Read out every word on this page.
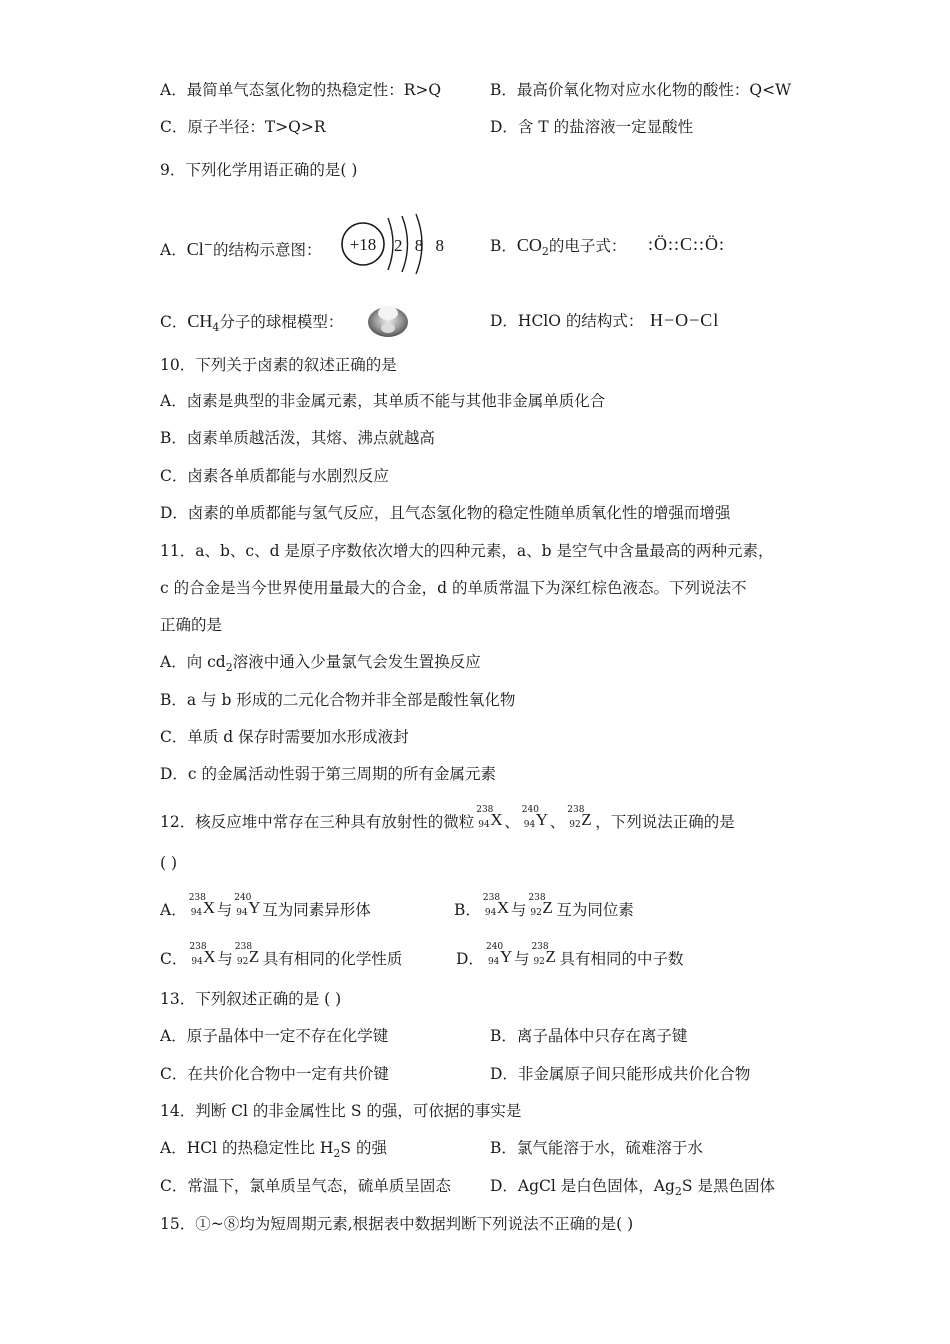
A．最简单气态氢化物的热稳定性：R>Q	B．最高价氧化物对应水化物的酸性：Q<W
C．原子半径：T>Q>R	D．含 T 的盐溶液一定显酸性
9．下列化学用语正确的是( )
A．Cl−的结构示意图： +18 2 8 8	B．$CO_2$的电子式： :Ö::C::Ö:
C．$CH_4$分子的球棍模型：	D．HClO 的结构式： H−O−Cl
10．下列关于卤素的叙述正确的是
A．卤素是典型的非金属元素，其单质不能与其他非金属单质化合
B．卤素单质越活泼，其熔、沸点就越高
C．卤素各单质都能与水剧烈反应
D．卤素的单质都能与氢气反应，且气态氢化物的稳定性随单质氧化性的增强而增强
11．a、b、c、d 是原子序数依次增大的四种元素，a、b 是空气中含量最高的两种元素，
c 的合金是当今世界使用量最大的合金，d 的单质常温下为深红棕色液态。下列说法不
正确的是
A．向 $cd_2$溶液中通入少量氯气会发生置换反应
B．a 与 b 形成的二元化合物并非全部是酸性氧化物
C．单质 d 保存时需要加水形成液封
D．c 的金属活动性弱于第三周期的所有金属元素
12．核反应堆中常存在三种具有放射性的微粒
238
94 X 、
240
94 Y 、
238
92 Z ，下列说法正确的是
( )
A．
238
94 X 与
240
94 Y 互为同素异形体	B．
238
94 X 与
238
92 Z 互为同位素
C．
238
94 X 与
238
92 Z 具有相同的化学性质	D．
240
94 Y 与
238
92 Z 具有相同的中子数
13．下列叙述正确的是 ( )
A．原子晶体中一定不存在化学键	B．离子晶体中只存在离子键
C．在共价化合物中一定有共价键	D．非金属原子间只能形成共价化合物
14．判断 Cl 的非金属性比 S 的强，可依据的事实是
A．HCl 的热稳定性比 $H_2S$ 的强	B．氯气能溶于水，硫难溶于水
C．常温下，氯单质呈气态，硫单质呈固态	D．AgCl 是白色固体，$Ag_2S$ 是黑色固体
15．①~⑧均为短周期元素,根据表中数据判断下列说法不正确的是( )
